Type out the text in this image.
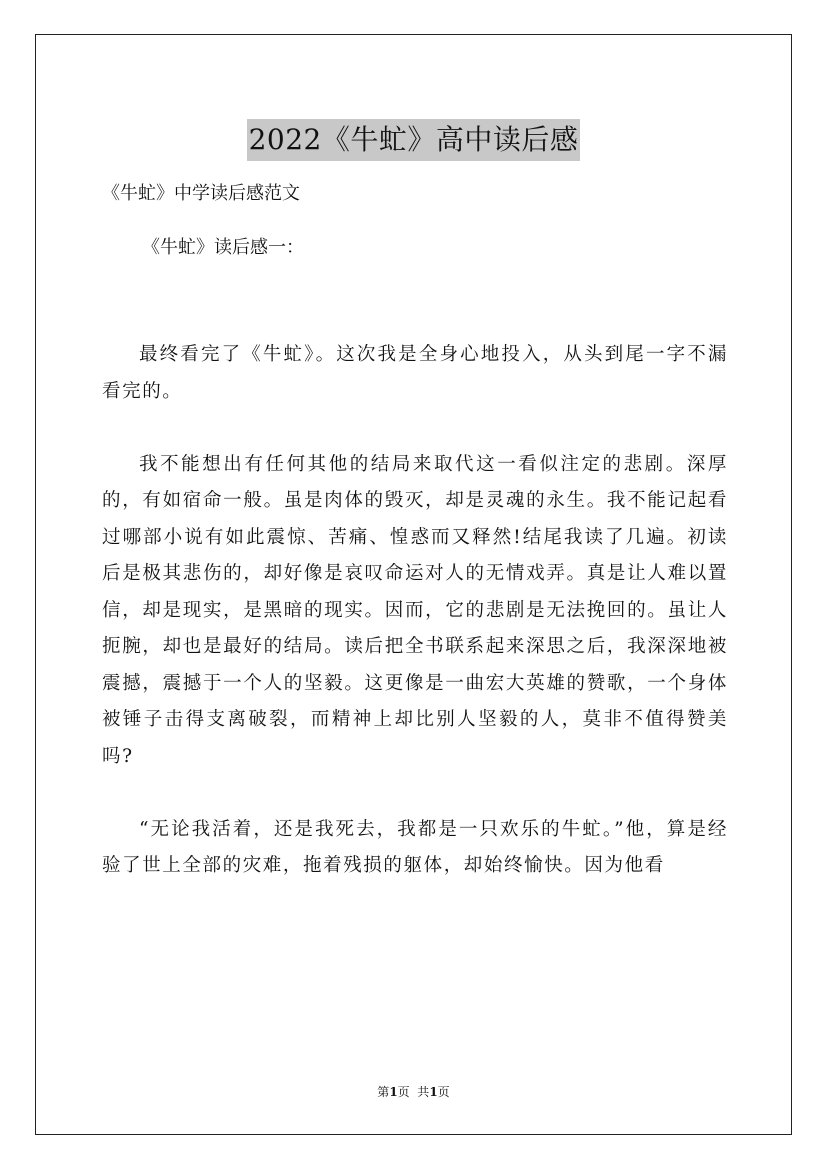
2022《牛虻》高中读后感
《牛虻》中学读后感范文
《牛虻》读后感一：

最终看完了《牛虻》。这次我是全身心地投入，从头到尾一字不漏看完的。

我不能想出有任何其他的结局来取代这一看似注定的悲剧。深厚的，有如宿命一般。虽是肉体的毁灭，却是灵魂的永生。我不能记起看过哪部小说有如此震惊、苦痛、惶惑而又释然!结尾我读了几遍。初读后是极其悲伤的，却好像是哀叹命运对人的无情戏弄。真是让人难以置信，却是现实，是黑暗的现实。因而，它的悲剧是无法挽回的。虽让人扼腕，却也是最好的结局。读后把全书联系起来深思之后，我深深地被震撼，震撼于一个人的坚毅。这更像是一曲宏大英雄的赞歌，一个身体被锤子击得支离破裂，而精神上却比别人坚毅的人，莫非不值得赞美吗?

“无论我活着，还是我死去，我都是一只欢乐的牛虻。”他，算是经验了世上全部的灾难，拖着残损的躯体，却始终愉快。因为他看

第1页  共1页
